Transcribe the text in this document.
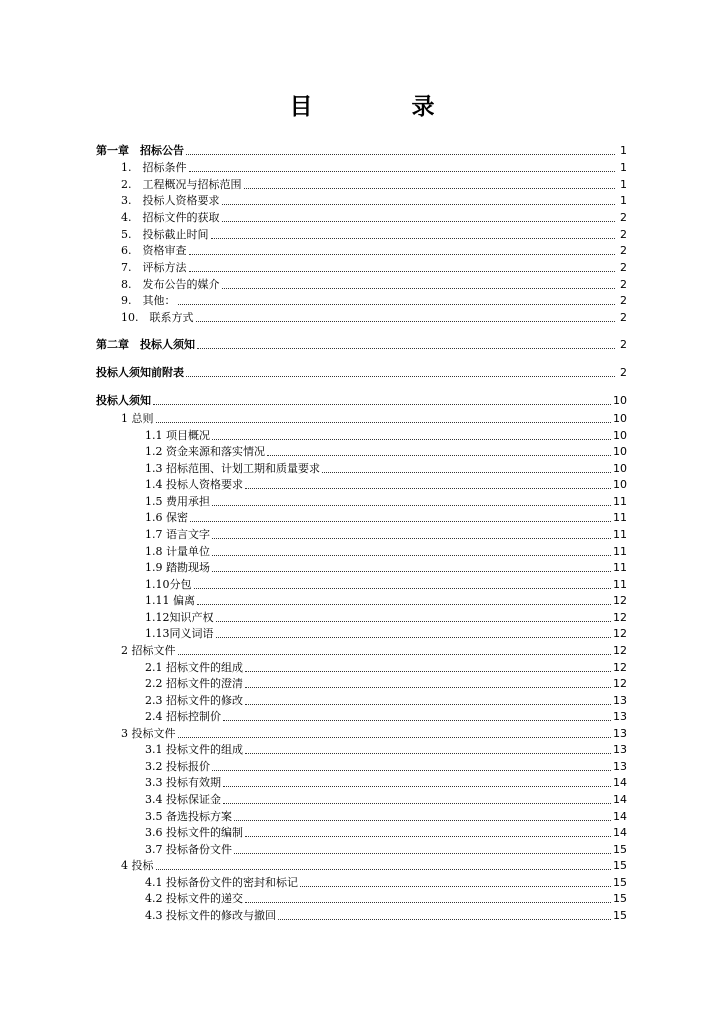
目　录
第一章　招标公告	1
1.　招标条件	1
2.　工程概况与招标范围	1
3.　投标人资格要求	1
4.　招标文件的获取	2
5.　投标截止时间	2
6.　资格审查	2
7.　评标方法	2
8.　发布公告的媒介	2
9.　其他：	2
10.　联系方式	2
第二章　投标人须知	2
投标人须知前附表	2
投标人须知	10
1 总则	10
1.1 项目概况	10
1.2 资金来源和落实情况	10
1.3 招标范围、计划工期和质量要求	10
1.4 投标人资格要求	10
1.5 费用承担	11
1.6 保密	11
1.7 语言文字	11
1.8 计量单位	11
1.9 踏勘现场	11
1.10分包	11
1.11 偏离	12
1.12知识产权	12
1.13同义词语	12
2 招标文件	12
2.1 招标文件的组成	12
2.2 招标文件的澄清	12
2.3 招标文件的修改	13
2.4 招标控制价	13
3 投标文件	13
3.1 投标文件的组成	13
3.2 投标报价	13
3.3 投标有效期	14
3.4 投标保证金	14
3.5 备选投标方案	14
3.6 投标文件的编制	14
3.7 投标备份文件	15
4 投标	15
4.1 投标备份文件的密封和标记	15
4.2 投标文件的递交	15
4.3 投标文件的修改与撤回	15
